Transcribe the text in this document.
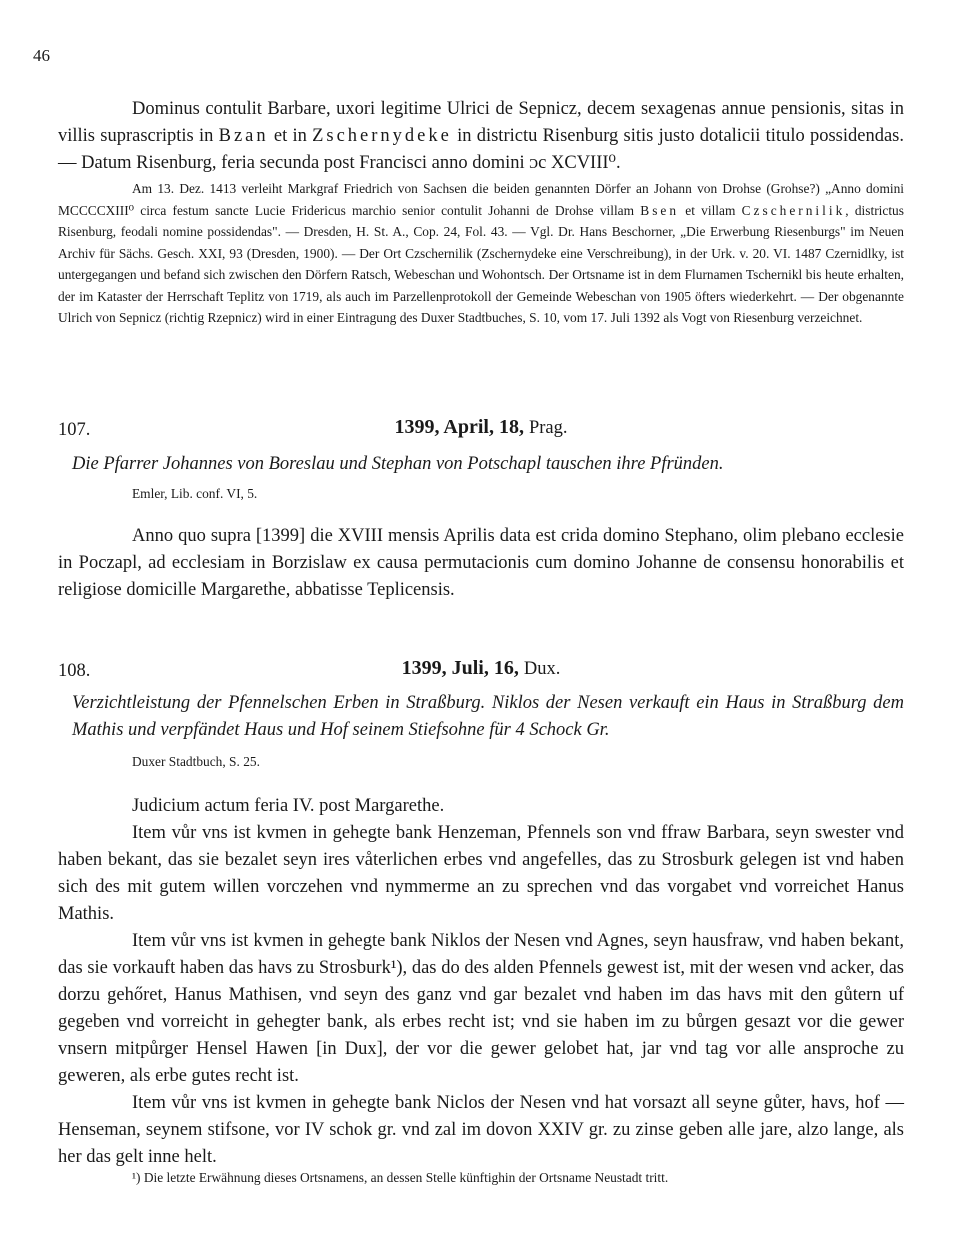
46
Dominus contulit Barbare, uxori legitime Ulrici de Sepnicz, decem sexagenas annue pensionis, sitas in villis suprascriptis in Bzan et in Zschernydeke in districtu Risenburg sitis justo dotalicii titulo possidendas. — Datum Risenburg, feria secunda post Francisci anno domini ᴐc XCVIII⁰.
Am 13. Dez. 1413 verleiht Markgraf Friedrich von Sachsen die beiden genannten Dörfer an Johann von Drohse (Grohse?) „Anno domini MCCCCXIII⁰ circa festum sancte Lucie Fridericus marchio senior contulit Johanni de Drohse villam Bsen et villam Czschernilik, districtus Risenburg, feodali nomine possidendas". — Dresden, H. St. A., Cop. 24, Fol. 43. — Vgl. Dr. Hans Beschorner, „Die Erwerbung Riesenburgs" im Neuen Archiv für Sächs. Gesch. XXI, 93 (Dresden, 1900). — Der Ort Czschernilik (Zschernydeke eine Verschreibung), in der Urk. v. 20. VI. 1487 Czernidlky, ist untergegangen und befand sich zwischen den Dörfern Ratsch, Webeschan und Wohontsch. Der Ortsname ist in dem Flurnamen Tschernikl bis heute erhalten, der im Kataster der Herrschaft Teplitz von 1719, als auch im Parzellenprotokoll der Gemeinde Webeschan von 1905 öfters wiederkehrt. — Der obgenannte Ulrich von Sepnicz (richtig Rzepnicz) wird in einer Eintragung des Duxer Stadtbuches, S. 10, vom 17. Juli 1392 als Vogt von Riesenburg verzeichnet.
107.	1399, April, 18, Prag.
Die Pfarrer Johannes von Boreslau und Stephan von Potschapl tauschen ihre Pfründen.
Emler, Lib. conf. VI, 5.
Anno quo supra [1399] die XVIII mensis Aprilis data est crida domino Stephano, olim plebano ecclesie in Poczapl, ad ecclesiam in Borzislaw ex causa permutacionis cum domino Johanne de consensu honorabilis et religiose domicille Margarethe, abbatisse Teplicensis.
108.	1399, Juli, 16, Dux.
Verzichtleistung der Pfennelschen Erben in Straßburg. Niklos der Nesen verkauft ein Haus in Straßburg dem Mathis und verpfändet Haus und Hof seinem Stiefsohne für 4 Schock Gr.
Duxer Stadtbuch, S. 25.

Judicium actum feria IV. post Margarethe.

Item vůr vns ist kvmen in gehegte bank Henzeman, Pfennels son vnd ffraw Barbara, seyn swester vnd haben bekant, das sie bezalet seyn ires våterlichen erbes vnd angefelles, das zu Strosburk gelegen ist vnd haben sich des mit gutem willen vorczehen vnd nymmerme an zu sprechen vnd das vorgabet vnd vorreichet Hanus Mathis.

Item vůr vns ist kvmen in gehegte bank Niklos der Nesen vnd Agnes, seyn hausfraw, vnd haben bekant, das sie vorkauft haben das havs zu Strosburk¹), das do des alden Pfennels gewest ist, mit der wesen vnd acker, das dorzu gehőret, Hanus Mathisen, vnd seyn des ganz vnd gar bezalet vnd haben im das havs mit den gůtern uf gegeben vnd vorreicht in gehegter bank, als erbes recht ist; vnd sie haben im zu bůrgen gesazt vor die gewer vnsern mitpůrger Hensel Hawen [in Dux], der vor die gewer gelobet hat, jar vnd tag vor alle ansproche zu geweren, als erbe gutes recht ist.

Item vůr vns ist kvmen in gehegte bank Niclos der Nesen vnd hat vorsazt all seyne gůter, havs, hof — Henseman, seynem stifsone, vor IV schok gr. vnd zal im dovon XXIV gr. zu zinse geben alle jare, alzo lange, als her das gelt inne helt.

¹) Die letzte Erwähnung dieses Ortsnamens, an dessen Stelle künftighin der Ortsname Neustadt tritt.
